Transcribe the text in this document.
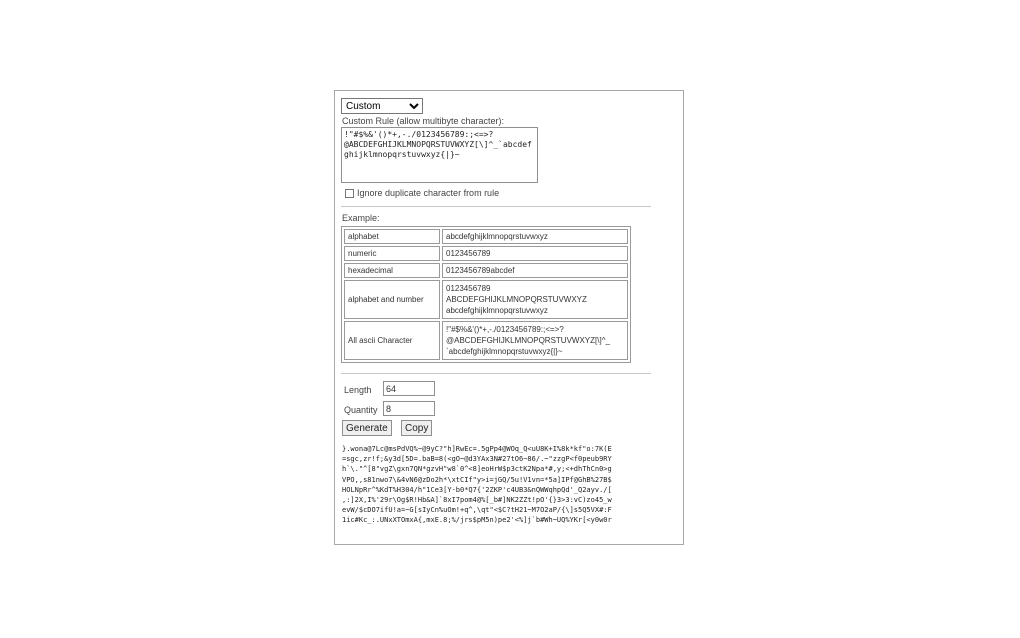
Custom
Custom Rule (allow multibyte character):
!"#$%&'()*+,-./0123456789:;<=>?@ABCDEFGHIJKLMNOPQRSTUVWXYZ[\]^_`abcdefghijklmnopqrstuvwxyz{|}~
Ignore duplicate character from rule
Example:
alphabet	abcdefghijklmnopqrstuvwxyz
numeric	0123456789
hexadecimal	0123456789abcdef
alphabet and number	0123456789
ABCDEFGHIJKLMNOPQRSTUVWXYZ
abcdefghijklmnopqrstuvwxyz
All ascii Character	!"#$%&'()*+,-./0123456789:;<=>?
@ABCDEFGHIJKLMNOPQRSTUVWXYZ[\]^_
`abcdefghijklmnopqrstuvwxyz{|}~
Length
64
Quantity
8
Generate	Copy
}.wona@7Lc@msPdVQ%~@9yC?"h]RwEc=.5gPp4@WOq_Q<uU8K+I%8k*kf"o:7K(E
=sgc,zr!f;&y3d[5D=.baB=8(<gO~@d3YAx3N#27tO6~86/.~"zzgP<f0peub9RY
h`\."^[8"vgZ\gxn7QN*gzvH"w8`0^<8]eoHrW$p3ctK2Npa*#,y;<+dhThCn0>g
VPO,,s81nwo7\&4vN6@zDo2h*\xtCIf"y>i=jGQ/5u!V1vn=*5a]IPf@GhB%27B$
HOLNpRr^%KdT%H304/h"1Ce3[Y-b0*Q7{'2ZKP'c4UB3&nQWWqhpQd'_Q2ayv./[
,:]2X,I%'29r\Og$R!Hb&A]`8xI7pom4@%[_b#]NK2ZZt!pO'{}3>3:vC)zo45_w
evW/$cDO7ifU!a=~G[sIyCn%uOm!+q^,\qt"<$C?tH21~M7O2aP/{\]s5Q5VX#:F
1ic#Kc_:.UNxXTOmxA{,mxE.8;%/jrs$pM5n)pe2'<%]j`b#Wh~UQ%YKr[<y0w0r
